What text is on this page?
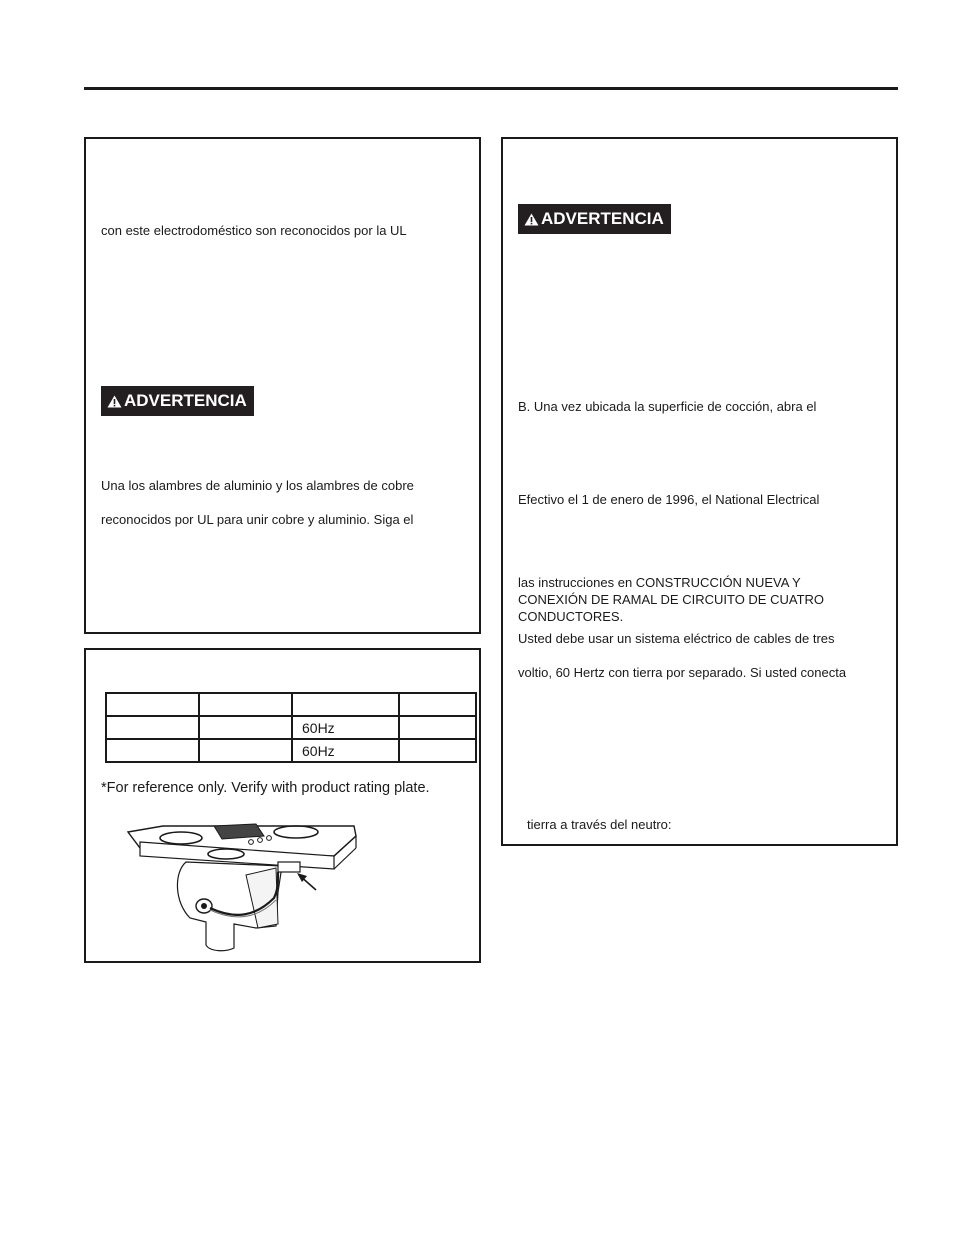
con este electrodoméstico son reconocidos por la UL
ADVERTENCIA
Una los alambres de aluminio y los alambres de cobre
reconocidos por UL para unir cobre y aluminio. Siga el

		60Hz	
		60Hz	
*For reference only. Verify with product rating plate.
ADVERTENCIA
B. Una vez ubicada la superficie de cocción, abra el
Efectivo el 1 de enero de 1996, el National Electrical
las instrucciones en CONSTRUCCIÓN NUEVA Y
CONEXIÓN DE RAMAL DE CIRCUITO DE CUATRO
CONDUCTORES.
Usted debe usar un sistema eléctrico de cables de tres
voltio, 60 Hertz con tierra por separado. Si usted conecta
tierra a través del neutro:
